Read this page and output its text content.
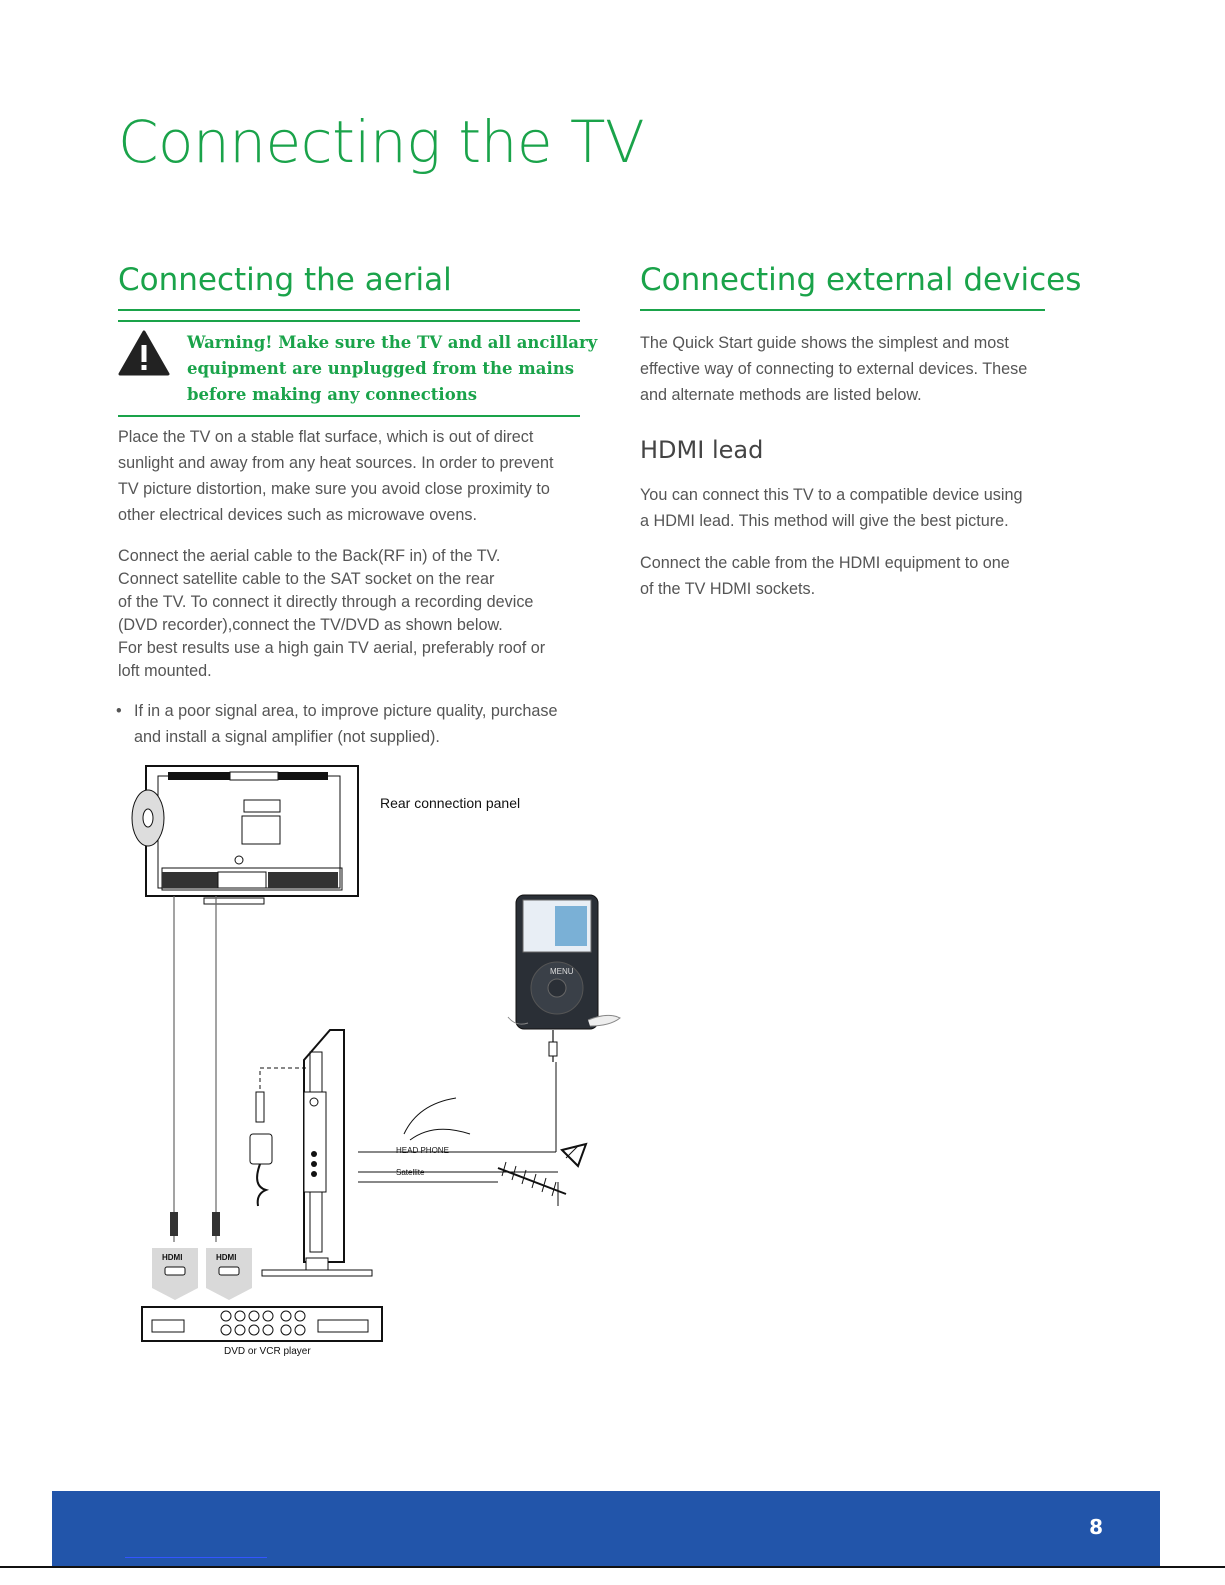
Connecting the TV
Connecting the aerial

Warning! Make sure the TV and all ancillary

equipment are unplugged from the mains

before making any connections

Place the TV on a stable flat surface, which is out of direct

sunlight and away from any heat sources. In order to prevent

TV picture distortion, make sure you avoid close proximity to

other electrical devices such as microwave ovens.

Connect the aerial cable to the Back(RF in) of the TV.

Connect satellite cable to the SAT socket on the rear

of the TV. To connect it directly through a recording device

(DVD recorder),connect the TV/DVD as shown below.

For best results use a high gain TV aerial, preferably roof or

loft mounted.

• If in a poor signal area, to improve picture quality, purchase

and install a signal amplifier (not supplied).

Rear connection panel
MENU
HEAD PHONE
Satellite
HDMI	HDMI
DVD or VCR player
Connecting external devices

The Quick Start guide shows the simplest and most

effective way of connecting to external devices. These

and alternate methods are listed below.

HDMI lead

You can connect this TV to a compatible device using

a HDMI lead. This method will give the best picture.

Connect the cable from the HDMI equipment to one

of the TV HDMI sockets.

8
